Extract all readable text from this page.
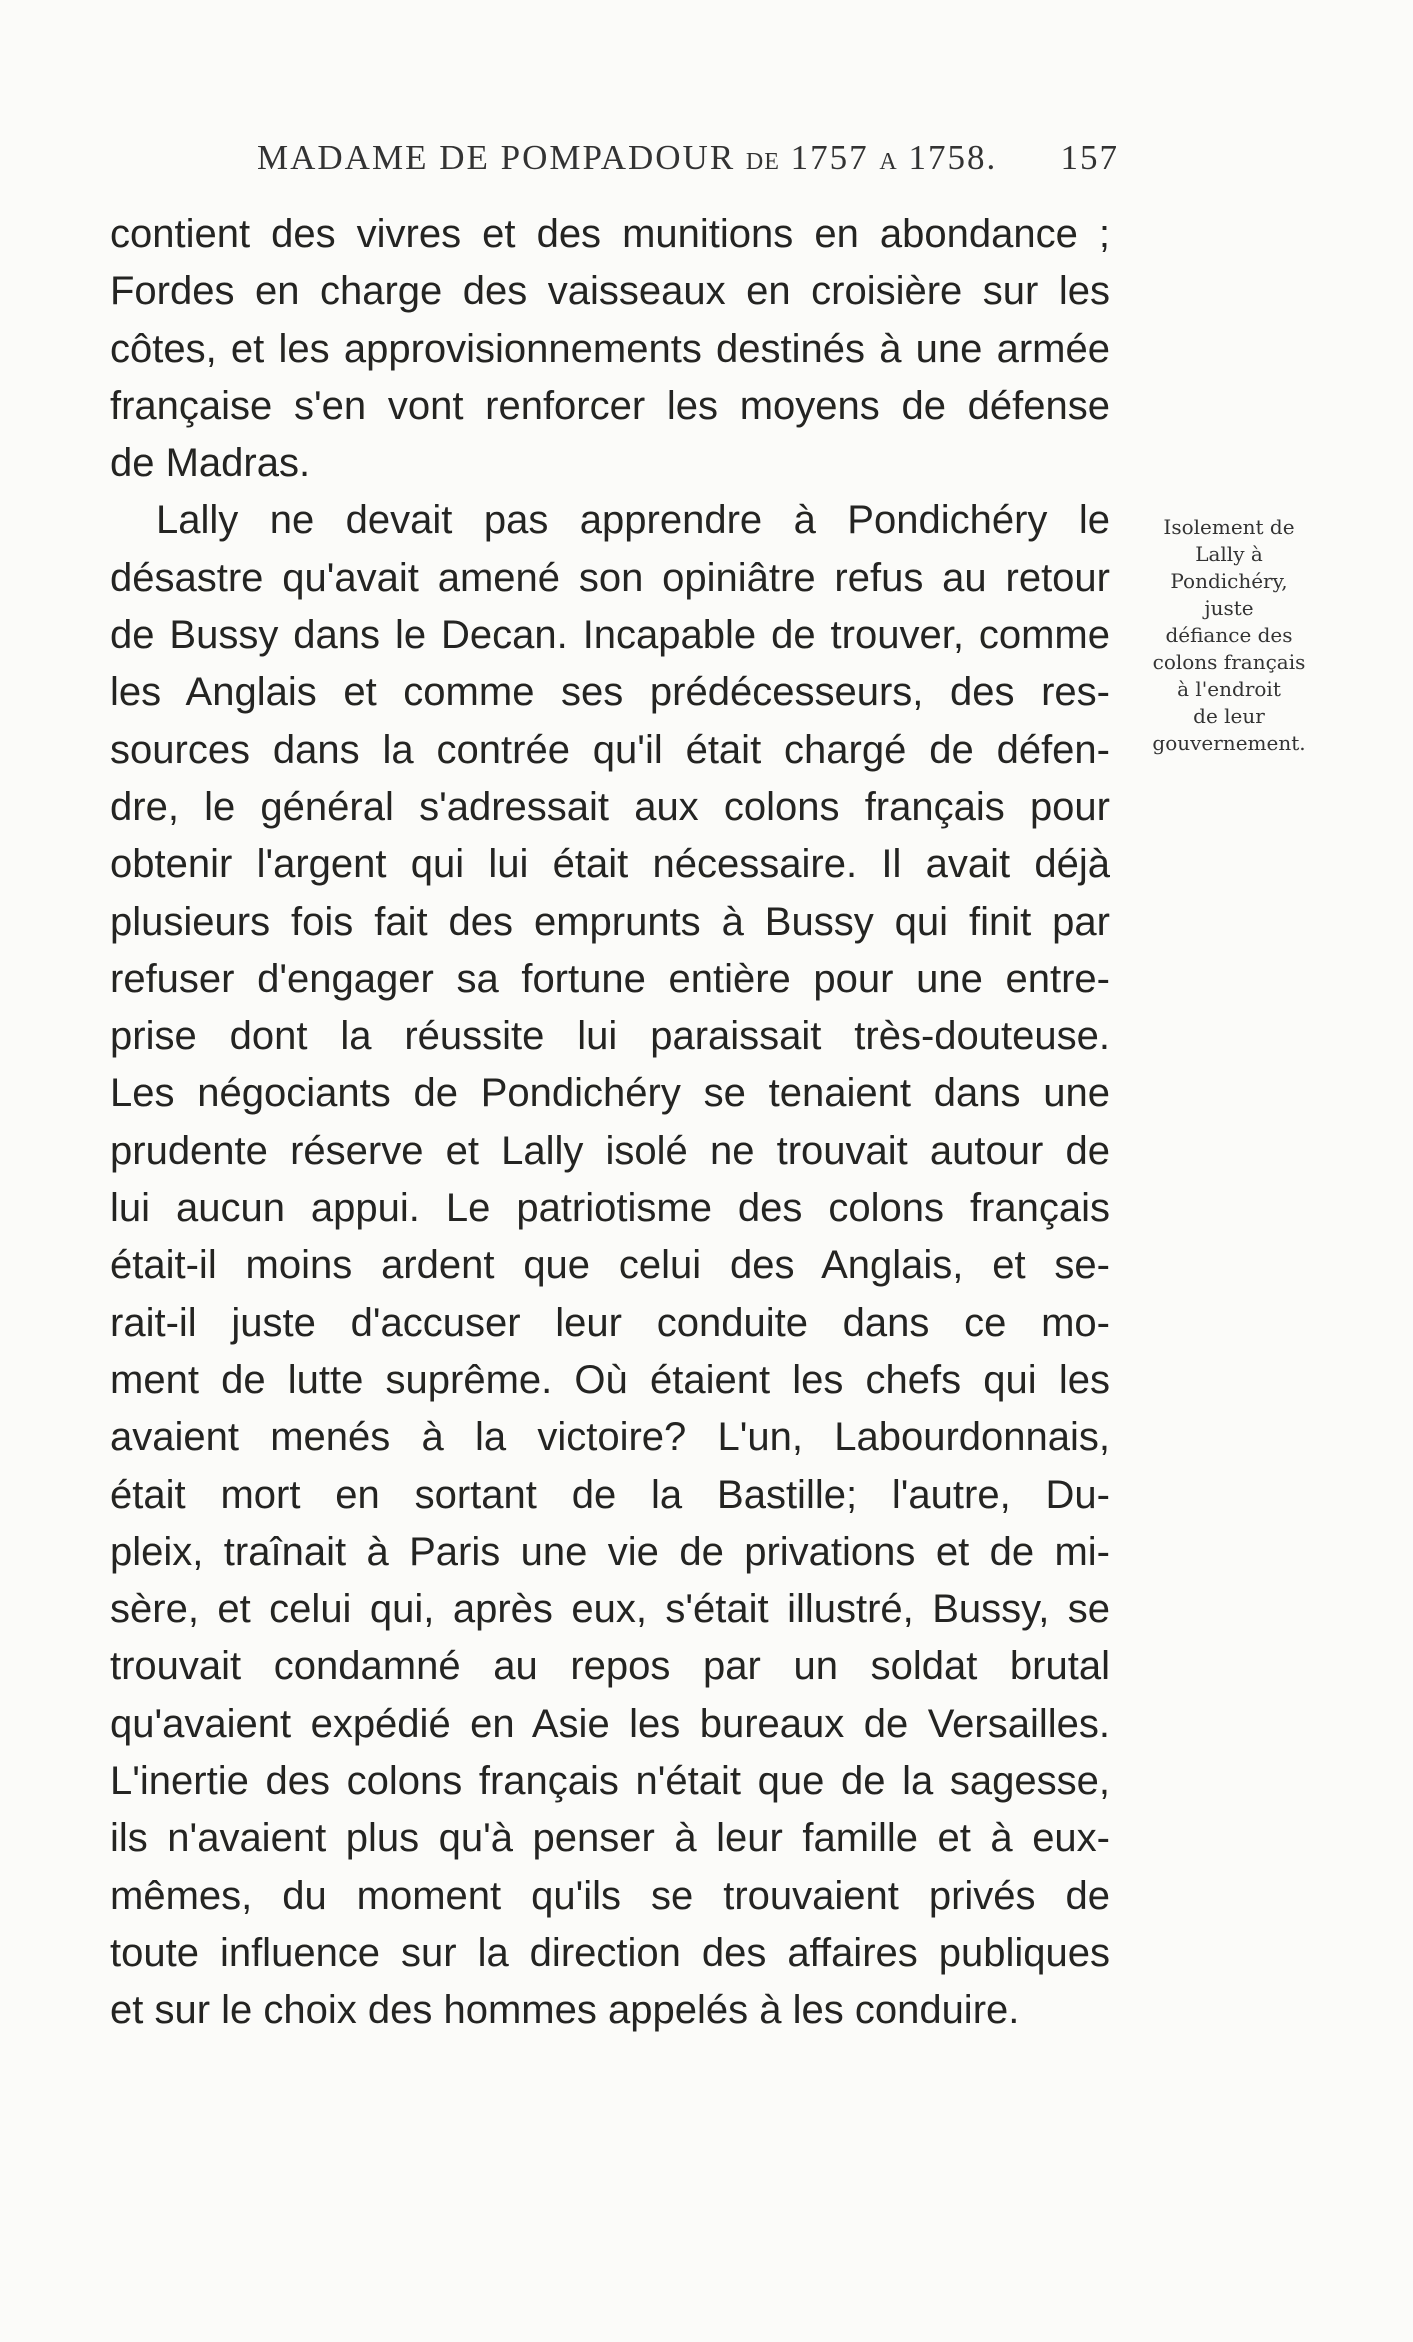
MADAME DE POMPADOUR DE 1757 A 1758. 157
contient des vivres et des munitions en abondance ;
Fordes en charge des vaisseaux en croisière sur les
côtes, et les approvisionnements destinés à une armée
française s'en vont renforcer les moyens de défense
de Madras.
Lally ne devait pas apprendre à Pondichéry le
désastre qu'avait amené son opiniâtre refus au retour
de Bussy dans le Decan. Incapable de trouver, comme
les Anglais et comme ses prédécesseurs, des res-
sources dans la contrée qu'il était chargé de défen-
dre, le général s'adressait aux colons français pour
obtenir l'argent qui lui était nécessaire. Il avait déjà
plusieurs fois fait des emprunts à Bussy qui finit par
refuser d'engager sa fortune entière pour une entre-
prise dont la réussite lui paraissait très-douteuse.
Les négociants de Pondichéry se tenaient dans une
prudente réserve et Lally isolé ne trouvait autour de
lui aucun appui. Le patriotisme des colons français
était-il moins ardent que celui des Anglais, et se-
rait-il juste d'accuser leur conduite dans ce mo-
ment de lutte suprême. Où étaient les chefs qui les
avaient menés à la victoire? L'un, Labourdonnais,
était mort en sortant de la Bastille; l'autre, Du-
pleix, traînait à Paris une vie de privations et de mi-
sère, et celui qui, après eux, s'était illustré, Bussy, se
trouvait condamné au repos par un soldat brutal
qu'avaient expédié en Asie les bureaux de Versailles.
L'inertie des colons français n'était que de la sagesse,
ils n'avaient plus qu'à penser à leur famille et à eux-
mêmes, du moment qu'ils se trouvaient privés de
toute influence sur la direction des affaires publiques
et sur le choix des hommes appelés à les conduire.
Isolement de
Lally à
Pondichéry,
juste
défiance des
colons français
à l'endroit
de leur
gouvernement.
